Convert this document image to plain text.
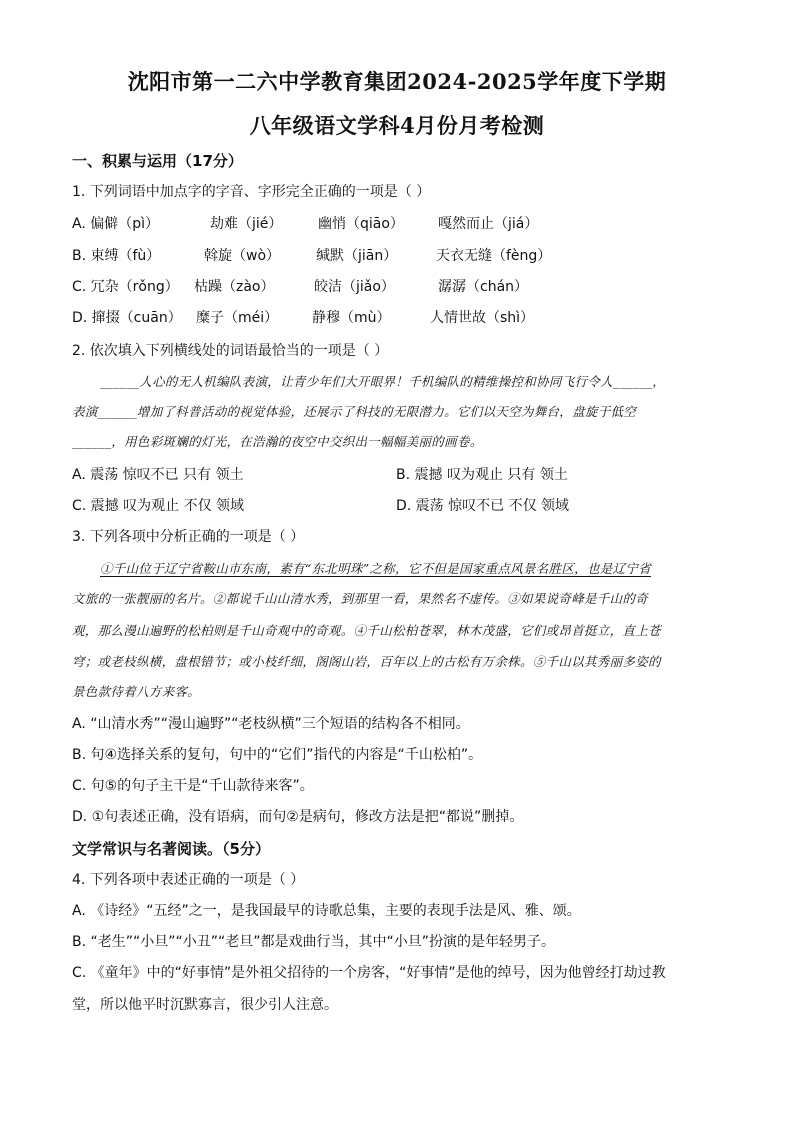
沈阳市第一二六中学教育集团2024-2025学年度下学期
八年级语文学科4月份月考检测
一、积累与运用（17分）
1. 下列词语中加点字的字音、字形完全正确的一项是（ ）
A. 偏僻（pì）	劫难（jié）	幽悄（qiāo） 嘎然而止（jiá）
B. 束缚（fù）	斡旋（wò）	缄默（jiān）	天衣无缝（fèng）
C. 冗杂（rǒng） 枯躁（zào）	皎洁（jiǎo）	潺潺（chán）
D. 撺掇（cuān） 糜子（méi） 静穆（mù）	人情世故（shì）
2. 依次填入下列横线处的词语最恰当的一项是（ ）
______人心的无人机编队表演，让青少年们大开眼界！千机编队的精维操控和协同飞行令人______，
表演______增加了科普活动的视觉体验，还展示了科技的无限潜力。它们以天空为舞台，盘旋于低空
______，用色彩斑斓的灯光，在浩瀚的夜空中交织出一幅幅美丽的画卷。
A. 震荡 惊叹不已 只有 领土	B. 震撼 叹为观止 只有 领土
C. 震撼 叹为观止 不仅 领域	D. 震荡 惊叹不已 不仅 领域
3. 下列各项中分析正确的一项是（ ）
①千山位于辽宁省鞍山市东南，素有“东北明珠”之称，它不但是国家重点风景名胜区，也是辽宁省
文旅的一张靓丽的名片。②都说千山山清水秀，到那里一看，果然名不虚传。③如果说奇峰是千山的奇
观，那么漫山遍野的松柏则是千山奇观中的奇观。④千山松柏苍翠，林木茂盛，它们或昂首挺立，直上苍
穹；或老枝纵横，盘根错节；或小枝纤细，阁阁山岩，百年以上的古松有万余株。⑤千山以其秀丽多姿的
景色款待着八方来客。
A. “山清水秀”“漫山遍野”“老枝纵横”三个短语的结构各不相同。
B. 句④选择关系的复句，句中的“它们”指代的内容是“千山松柏”。
C. 句⑤的句子主干是“千山款待来客”。
D. ①句表述正确，没有语病，而句②是病句，修改方法是把“都说”删掉。
文学常识与名著阅读。（5分）
4. 下列各项中表述正确的一项是（ ）
A. 《诗经》“五经”之一，是我国最早的诗歌总集，主要的表现手法是风、雅、颂。
B. “老生”“小旦”“小丑”“老旦”都是戏曲行当，其中“小旦”扮演的是年轻男子。
C. 《童年》中的“好事情”是外祖父招待的一个房客，“好事情”是他的绰号，因为他曾经打劫过教
堂，所以他平时沉默寡言，很少引人注意。
